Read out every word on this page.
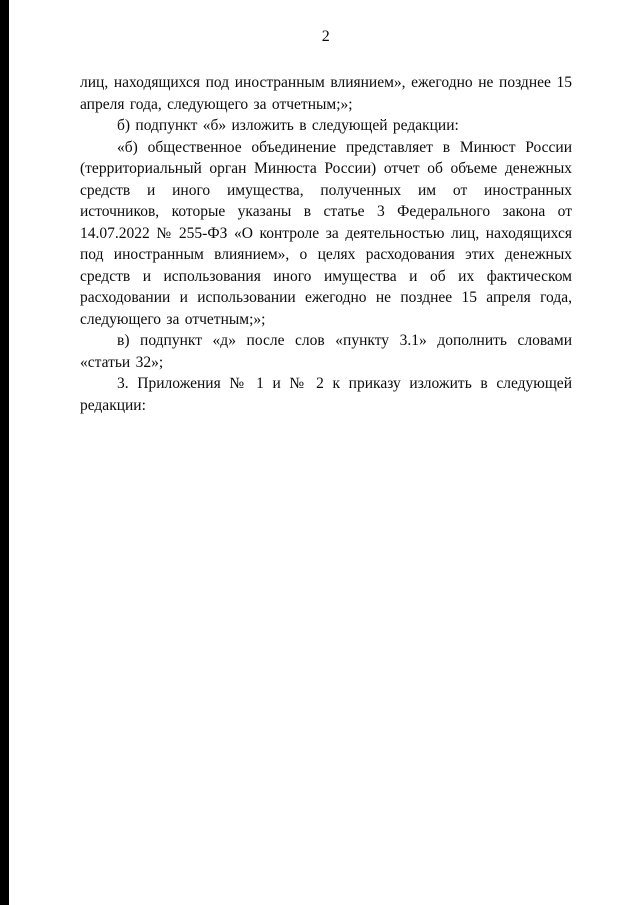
2

лиц, находящихся под иностранным влиянием», ежегодно не позднее 15 апреля года, следующего за отчетным;»;

б) подпункт «б» изложить в следующей редакции:

«б) общественное объединение представляет в Минюст России (территориальный орган Минюста России) отчет об объеме денежных средств и иного имущества, полученных им от иностранных источников, которые указаны в статье 3 Федерального закона от 14.07.2022 № 255-ФЗ «О контроле за деятельностью лиц, находящихся под иностранным влиянием», о целях расходования этих денежных средств и использования иного имущества и об их фактическом расходовании и использовании ежегодно не позднее 15 апреля года, следующего за отчетным;»;

в) подпункт «д» после слов «пункту 3.1» дополнить словами «статьи 32»;

3. Приложения № 1 и № 2 к приказу изложить в следующей редакции:
